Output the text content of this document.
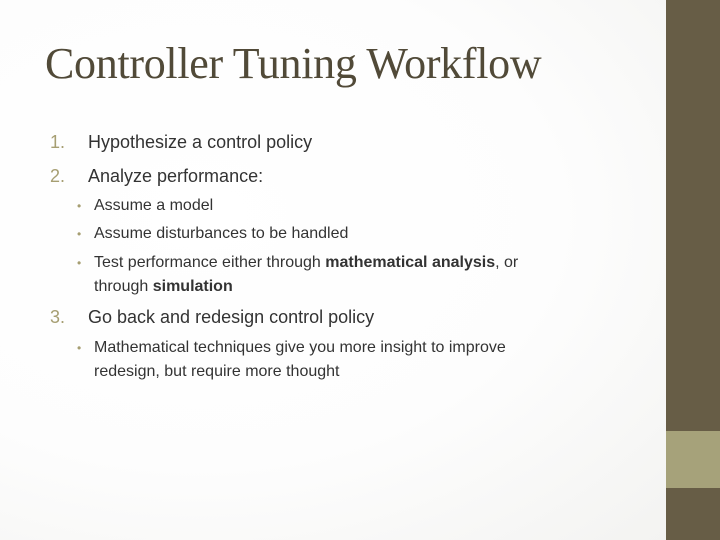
Controller Tuning Workflow
1. Hypothesize a control policy
2. Analyze performance:
• Assume a model
• Assume disturbances to be handled
• Test performance either through mathematical analysis, or
through simulation
3. Go back and redesign control policy
• Mathematical techniques give you more insight to improve
redesign, but require more thought
